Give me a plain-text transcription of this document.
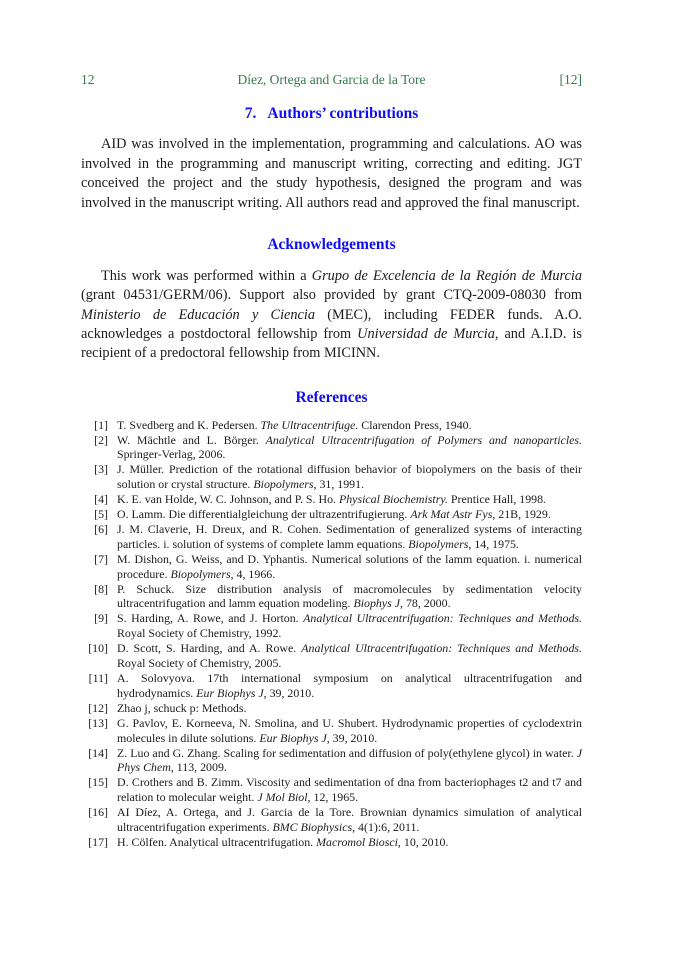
12	Díez, Ortega and Garcia de la Tore	[12]
7. Authors’ contributions

AID was involved in the implementation, programming and calculations. AO was involved in the programming and manuscript writing, correcting and editing. JGT conceived the project and the study hypothesis, designed the program and was involved in the manuscript writing. All authors read and approved the final manuscript.

Acknowledgements

This work was performed within a Grupo de Excelencia de la Región de Murcia (grant 04531/GERM/06). Support also provided by grant CTQ-2009-08030 from Ministerio de Educación y Ciencia (MEC), including FEDER funds. A.O. acknowledges a postdoctoral fellowship from Universidad de Murcia, and A.I.D. is recipient of a predoctoral fellowship from MICINN.

References
[1] T. Svedberg and K. Pedersen. The Ultracentrifuge. Clarendon Press, 1940.
[2] W. Mächtle and L. Börger. Analytical Ultracentrifugation of Polymers and nanoparticles. Springer-Verlag, 2006.
[3] J. Müller. Prediction of the rotational diffusion behavior of biopolymers on the basis of their solution or crystal structure. Biopolymers, 31, 1991.
[4] K. E. van Holde, W. C. Johnson, and P. S. Ho. Physical Biochemistry. Prentice Hall, 1998.
[5] O. Lamm. Die differentialgleichung der ultrazentrifugierung. Ark Mat Astr Fys, 21B, 1929.
[6] J. M. Claverie, H. Dreux, and R. Cohen. Sedimentation of generalized systems of interacting particles. i. solution of systems of complete lamm equations. Biopolymers, 14, 1975.
[7] M. Dishon, G. Weiss, and D. Yphantis. Numerical solutions of the lamm equation. i. numerical procedure. Biopolymers, 4, 1966.
[8] P. Schuck. Size distribution analysis of macromolecules by sedimentation velocity ultracentrifugation and lamm equation modeling. Biophys J, 78, 2000.
[9] S. Harding, A. Rowe, and J. Horton. Analytical Ultracentrifugation: Techniques and Methods. Royal Society of Chemistry, 1992.
[10] D. Scott, S. Harding, and A. Rowe. Analytical Ultracentrifugation: Techniques and Methods. Royal Society of Chemistry, 2005.
[11] A. Solovyova. 17th international symposium on analytical ultracentrifugation and hydrodynamics. Eur Biophys J, 39, 2010.
[12] Zhao j, schuck p: Methods.
[13] G. Pavlov, E. Korneeva, N. Smolina, and U. Shubert. Hydrodynamic properties of cyclodextrin molecules in dilute solutions. Eur Biophys J, 39, 2010.
[14] Z. Luo and G. Zhang. Scaling for sedimentation and diffusion of poly(ethylene glycol) in water. J Phys Chem, 113, 2009.
[15] D. Crothers and B. Zimm. Viscosity and sedimentation of dna from bacteriophages t2 and t7 and relation to molecular weight. J Mol Biol, 12, 1965.
[16] AI Díez, A. Ortega, and J. Garcia de la Tore. Brownian dynamics simulation of analytical ultracentrifugation experiments. BMC Biophysics, 4(1):6, 2011.
[17] H. Cölfen. Analytical ultracentrifugation. Macromol Biosci, 10, 2010.
